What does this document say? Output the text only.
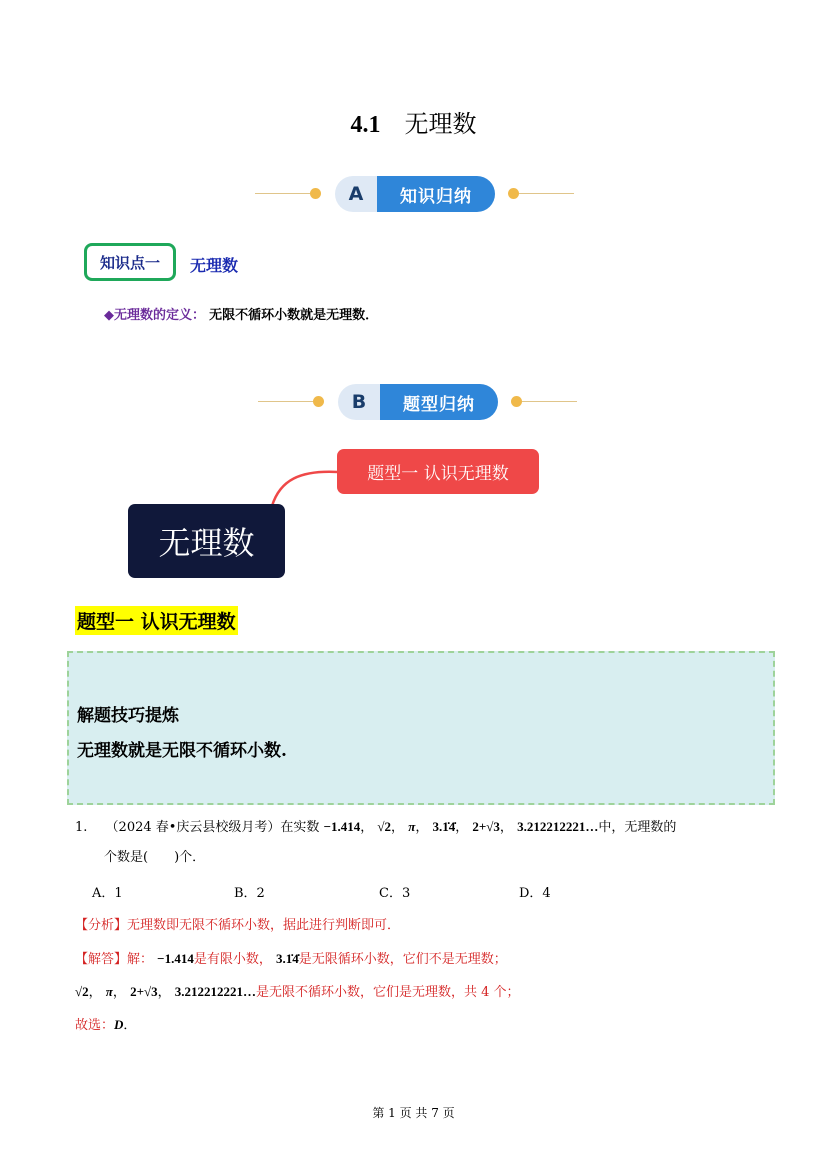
4.1 无理数
A	知识归纳
知识点一	无理数
◆无理数的定义： 无限不循环小数就是无理数．
B	题型归纳
无理数
题型一 认识无理数
题型一 认识无理数
解题技巧提炼
无理数就是无限不循环小数.
1. （2024 春•庆云县校级月考）在实数 −1.414， √2， π， 3.1̇4̇， 2+√3， 3.212212221…中，无理数的
个数是(　　)个．
A．1	B．2	C．3	D．4
【分析】无理数即无限不循环小数，据此进行判断即可．
【解答】解： −1.414是有限小数， 3.1̇4̇是无限循环小数，它们不是无理数；
√2， π， 2+√3， 3.212212221…是无限不循环小数，它们是无理数，共 4 个；
故选：D．
第 1 页 共 7 页
